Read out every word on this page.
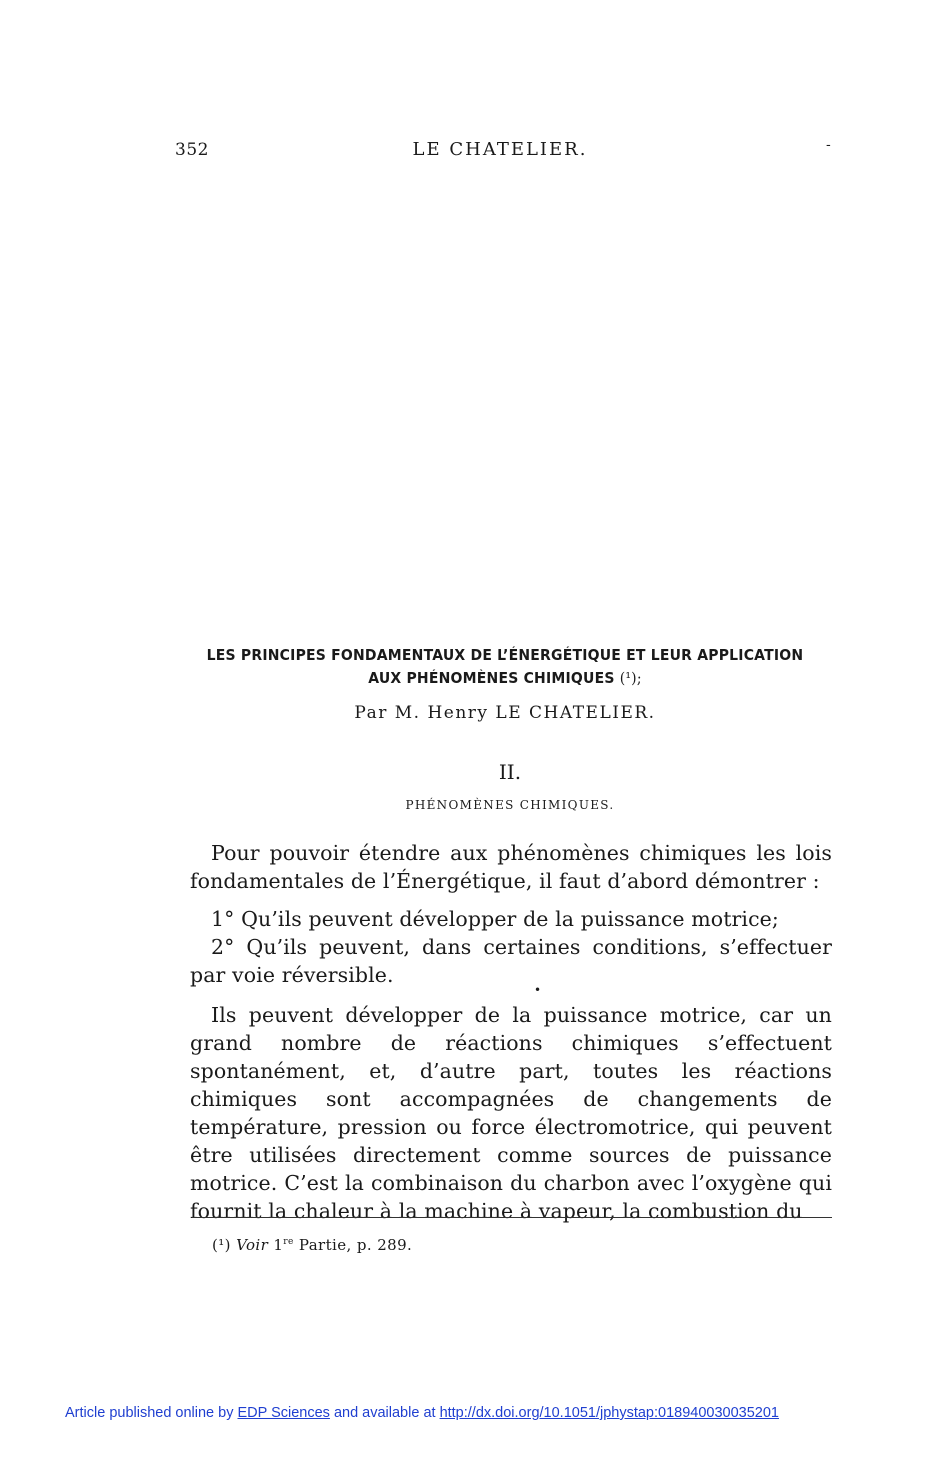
352	LE CHATELIER.	-
LES PRINCIPES FONDAMENTAUX DE L’ÉNERGÉTIQUE ET LEUR APPLICATION
AUX PHÉNOMÈNES CHIMIQUES (¹);
Par M. Henry LE CHATELIER.
II.
PHÉNOMÈNES CHIMIQUES.

Pour pouvoir étendre aux phénomènes chimiques les lois fondamentales de l’Énergétique, il faut d’abord démontrer :

1° Qu’ils peuvent développer de la puissance motrice;

2° Qu’ils peuvent, dans certaines conditions, s’effectuer par voie réversible.

•

Ils peuvent développer de la puissance motrice, car un grand nombre de réactions chimiques s’effectuent spontanément, et, d’autre part, toutes les réactions chimiques sont accompagnées de changements de température, pression ou force électromotrice, qui peuvent être utilisées directement comme sources de puissance motrice. C’est la combinaison du charbon avec l’oxygène qui fournit la chaleur à la machine à vapeur, la combustion du

(¹) Voir 1re Partie, p. 289.
Article published online by EDP Sciences and available at http://dx.doi.org/10.1051/jphystap:018940030035201
